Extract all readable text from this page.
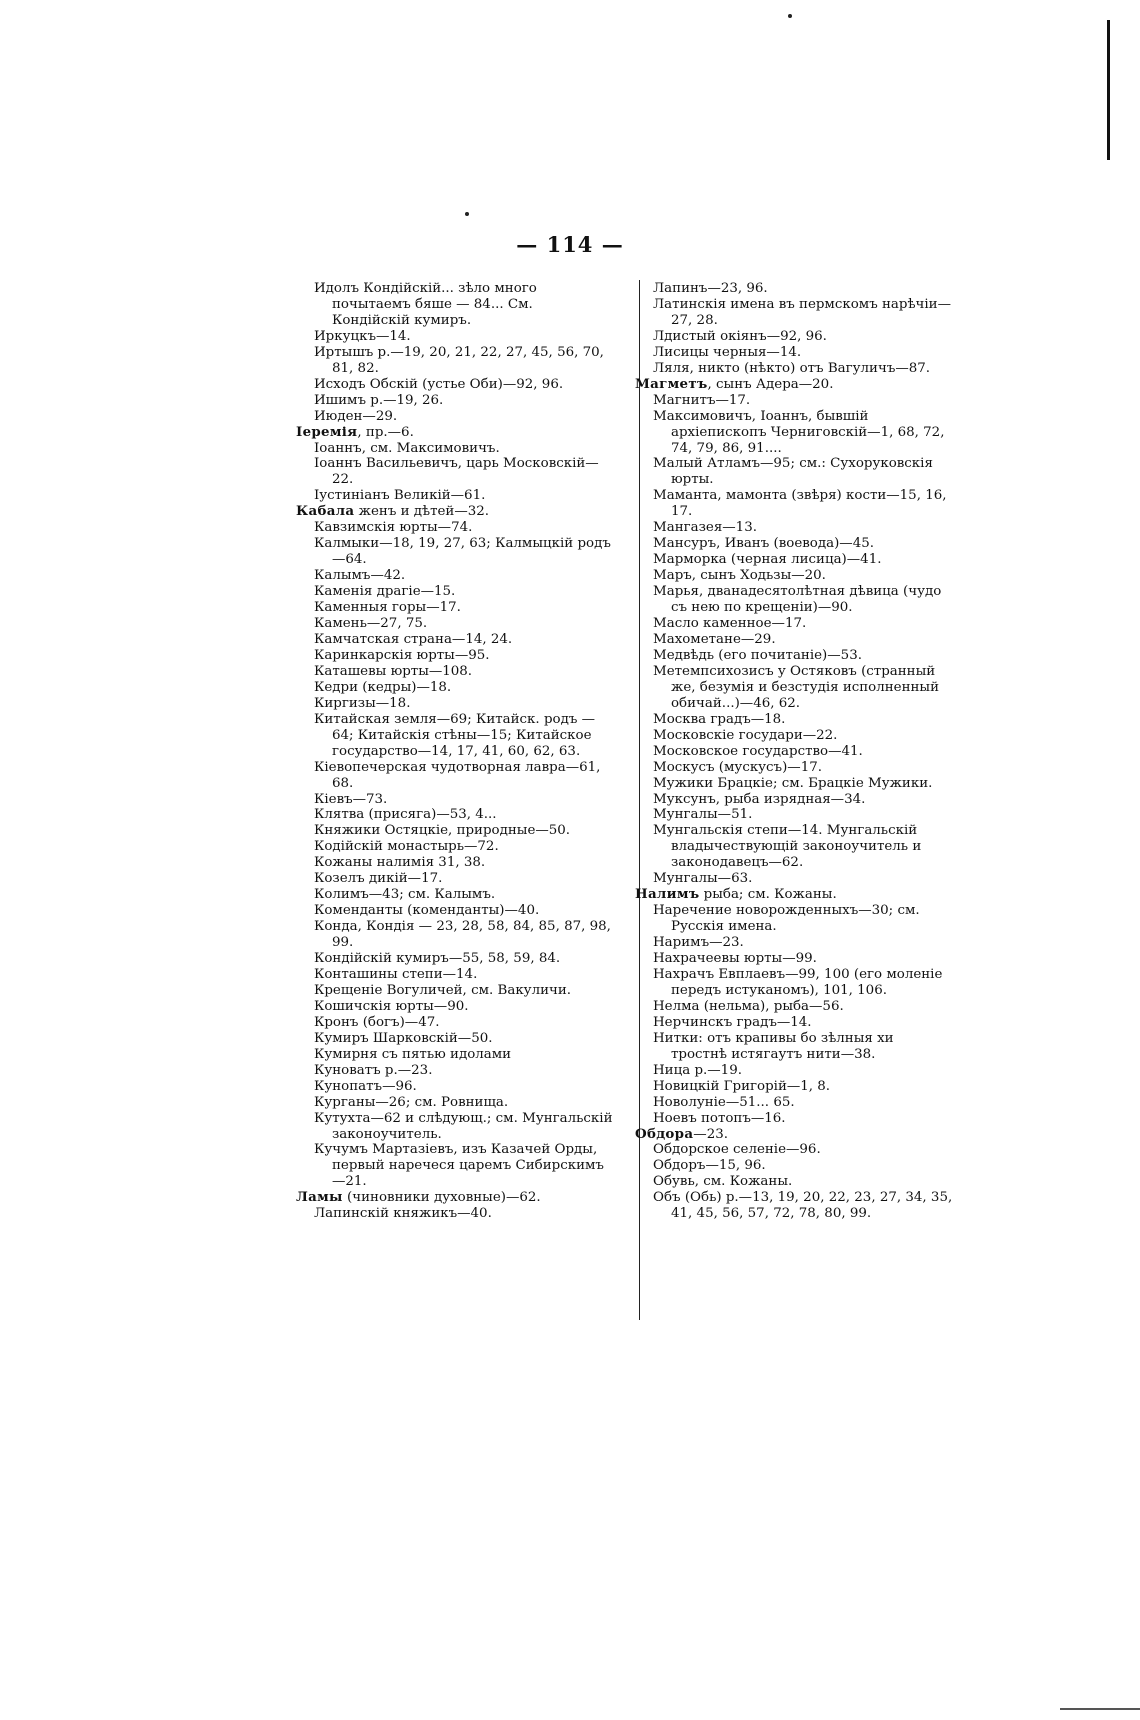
— 114 —

Идолъ Кондійскій... зѣло много почытаемъ бяше — 84... См. Кондійскій кумиръ.

Иркуцкъ—14.

Иртышъ р.—19, 20, 21, 22, 27, 45, 56, 70, 81, 82.

Исходъ Обскій (устье Оби)—92, 96.

Ишимъ р.—19, 26.

Июден—29.

Іеремія, пр.—6.

Іоаннъ, см. Максимовичъ.

Іоаннъ Васильевичъ, царь Московскій—22.

Іустиніанъ Великій—61.

Кабала женъ и дѣтей—32.

Кавзимскія юрты—74.

Калмыки—18, 19, 27, 63; Калмыцкій родъ—64.

Калымъ—42.

Каменія драгіе—15.

Каменныя горы—17.

Камень—27, 75.

Камчатская страна—14, 24.

Каринкарскія юрты—95.

Каташевы юрты—108.

Кедри (кедры)—18.

Киргизы—18.

Китайская земля—69; Китайск. родъ —64; Китайскія стѣны—15; Китайское государство—14, 17, 41, 60, 62, 63.

Кіевопечерская чудотворная лавра—61, 68.

Кіевъ—73.

Клятва (присяга)—53, 4...

Княжики Остяцкіе, природные—50.

Кодійскій монастырь—72.

Кожаны налимія 31, 38.

Козелъ дикій—17.

Колимъ—43; см. Калымъ.

Коменданты (коменданты)—40.

Конда, Кондія — 23, 28, 58, 84, 85, 87, 98, 99.

Кондійскій кумиръ—55, 58, 59, 84.

Конташины степи—14.

Крещеніе Вогуличей, см. Вакуличи.

Кошичскія юрты—90.

Кронъ (богъ)—47.

Кумиръ Шарковскій—50.

Кумирня съ пятью идолами

Куноватъ р.—23.

Кунопатъ—96.

Курганы—26; см. Ровнища.

Кутухта—62 и слѣдующ.; см. Мунгальскій законоучитель.

Кучумъ Мартазіевъ, изъ Казачей Орды, первый наречеся царемъ Сибирскимъ—21.

Ламы (чиновники духовные)—62.

Лапинскій княжикъ—40.

Лапинъ—23, 96.

Латинскія имена въ пермскомъ нарѣчіи—27, 28.

Лдистый окіянъ—92, 96.

Лисицы черныя—14.

Ляля, никто (нѣкто) отъ Вагуличъ—87.

Магметъ, сынъ Адера—20.

Магнитъ—17.

Максимовичъ, Іоаннъ, бывшій архіепископъ Черниговскій—1, 68, 72, 74, 79, 86, 91....

Малый Атламъ—95; см.: Сухоруковскія юрты.

Маманта, мамонта (звѣря) кости—15, 16, 17.

Мангазея—13.

Мансуръ, Иванъ (воевода)—45.

Марморка (черная лисица)—41.

Маръ, сынъ Ходьзы—20.

Марья, дванадесятолѣтная дѣвица (чудо съ нею по крещеніи)—90.

Масло каменное—17.

Махометане—29.

Медвѣдь (его почитаніе)—53.

Метемпсихозисъ у Остяковъ (странный же, безумія и безстудія исполненный обичай...)—46, 62.

Москва градъ—18.

Московскіе государи—22.

Московское государство—41.

Москусъ (мускусъ)—17.

Мужики Брацкіе; см. Брацкіе Мужики.

Муксунъ, рыба изрядная—34.

Мунгалы—51.

Мунгальскія степи—14. Мунгальскій владычествующій законоучитель и законодавецъ—62.

Мунгалы—63.

Налимъ рыба; см. Кожаны.

Наречение новорожденныхъ—30; см. Русскія имена.

Наримъ—23.

Нахрачеевы юрты—99.

Нахрачъ Евплаевъ—99, 100 (его моленіе передъ истуканомъ), 101, 106.

Нелма (нельма), рыба—56.

Нерчинскъ градъ—14.

Нитки: отъ крапивы бо зѣлныя хи тростнѣ истягаутъ нити—38.

Ница р.—19.

Новицкій Григорій—1, 8.

Новолуніе—51... 65.

Ноевъ потопъ—16.

Обдора—23.

Обдорское селеніе—96.

Обдоръ—15, 96.

Обувь, см. Кожаны.

Объ (Обь) р.—13, 19, 20, 22, 23, 27, 34, 35, 41, 45, 56, 57, 72, 78, 80, 99.
